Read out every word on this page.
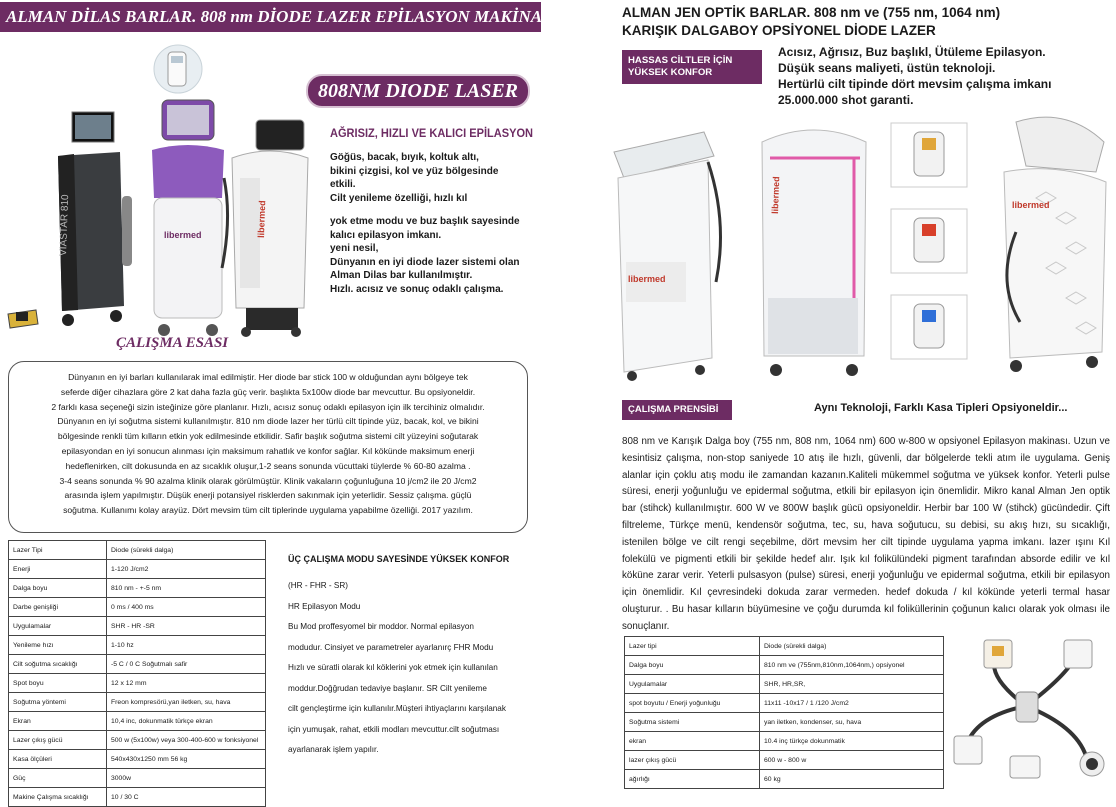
ALMAN DİLAS BARLAR. 808 nm DİODE LAZER EPİLASYON MAKİNASI
VIASTAR 810	libermed	libermed
808NM DIODE LASER
AĞRISIZ, HIZLI VE KALICI EPİLASYON
Göğüs, bacak, bıyık, koltuk altı,
bikini çizgisi, kol ve yüz bölgesinde
etkili.
Cilt yenileme özelliği, hızlı kıl
yok etme modu ve buz başlık sayesinde
kalıcı epilasyon imkanı.
yeni nesil,
Dünyanın en iyi diode lazer sistemi olan
Alman Dilas bar kullanılmıştır.
Hızlı. acısız ve sonuç odaklı çalışma.
ÇALIŞMA ESASI
Dünyanın en iyi barları kullanılarak imal edilmiştir. Her diode bar stick 100 w olduğundan aynı bölgeye tek
seferde diğer cihazlara göre 2 kat daha fazla güç verir. başlıkta 5x100w diode bar mevcuttur. Bu opsiyoneldir.
2 farklı kasa seçeneği sizin isteğinize göre planlanır. Hızlı, acısız sonuç odaklı epilasyon için ilk tercihiniz olmalıdır.
Dünyanın en iyi soğutma sistemi kullanılmıştır. 810 nm diode lazer her türlü cilt tipinde yüz, bacak, kol, ve bikini
bölgesinde renkli tüm kılların etkin yok edilmesinde etkilidir. Safir başlık soğutma sistemi cilt yüzeyini soğutarak
epilasyondan en iyi sonucun alınması için maksimum rahatlık ve konfor sağlar. Kıl kökünde maksimum enerji
hedeflenirken, cilt dokusunda en az sıcaklık oluşur,1-2 seans sonunda vücuttaki tüylerde % 60-80 azalma .
3-4 seans sonunda % 90 azalma klinik olarak görülmüştür. Klinik vakaların çoğunluğuna 10 j/cm2 ile 20 J/cm2
arasında işlem yapılmıştır. Düşük enerji potansiyel risklerden sakınmak için yeterlidir. Sessiz çalışma. güçlü
soğutma. Kullanımı kolay arayüz. Dört mevsim tüm cilt tiplerinde uygulama yapabilme özelliği. 2017 yazılım.
Lazer Tipi	Diode (sürekli dalga)
Enerji	1-120 J/cm2
Dalga boyu	810 nm - +-5 nm
Darbe genişliği	0 ms / 400 ms
Uygulamalar	SHR - HR -SR
Yenileme hızı	1-10 hz
Cilt soğutma sıcaklığı	-5 C / 0 C Soğutmalı safir
Spot boyu	12 x 12 mm
Soğutma yöntemi	Freon kompresörü,yan iletken, su, hava
Ekran	10,4 inc, dokunmatik türkçe ekran
Lazer çıkış gücü	500 w (5x100w) veya 300-400-600 w fonksiyonel
Kasa ölçüleri	540x430x1250 mm 56 kg
Güç	3000w
Makine Çalışma sıcaklığı	10 / 30 C
ÜÇ ÇALIŞMA MODU SAYESİNDE YÜKSEK KONFOR
(HR - FHR - SR)
HR Epilasyon Modu
Bu Mod proffesyomel bir moddor. Normal epilasyon
modudur. Cinsiyet ve parametreler ayarlanırç FHR Modu
Hızlı ve süratli olarak kıl köklerini yok etmek için kullanılan
moddur.Doğğrudan tedaviye başlanır. SR Cilt yenileme
cilt gençleştirme için kullanılır.Müşteri ihtiyaçlarını karşılanak
için yumuşak, rahat, etkili modları mevcuttur.cilt soğutması
ayarlanarak işlem yapılır.
ALMAN JEN OPTİK BARLAR. 808 nm ve (755 nm, 1064 nm)
KARIŞIK DALGABOY OPSİYONEL DİODE LAZER
HASSAS CİLTLER İÇİN
YÜKSEK KONFOR
Acısız, Ağrısız, Buz başlıkl, Ütüleme Epilasyon.
Düşük seans maliyeti, üstün teknoloji.
Hertürlü cilt tipinde dört mevsim çalışma imkanı
25.000.000 shot garanti.
libermed
libermed	libermed
ÇALIŞMA PRENSİBİ	Aynı Teknoloji, Farklı Kasa Tipleri Opsiyoneldir...
808 nm ve Karışık Dalga boy (755 nm, 808 nm, 1064 nm) 600 w-800 w opsiyonel Epilasyon makinası. Uzun ve kesintisiz çalışma, non-stop saniyede 10 atış ile hızlı, güvenli, dar bölgelerde tekli atım ile uygulama. Geniş alanlar için çoklu atış modu ile zamandan kazanın.Kaliteli mükemmel soğutma ve yüksek konfor. Yeterli pulse süresi, enerji yoğunluğu ve epidermal soğutma, etkili bir epilasyon için önemlidir. Mikro kanal Alman Jen optik bar (stihck) kullanılmıştır. 600 W ve 800W başlık gücü opsiyoneldir. Herbir bar 100 W (stihck) gücündedir. Çift filtreleme, Türkçe menü, kendensör soğutma, tec, su, hava soğutucu, su debisi, su akış hızı, su sıcaklığı, istenilen bölge ve cilt rengi seçebilme, dört mevsim her cilt tipinde uygulama yapma imkanı. lazer ışını Kıl folekülü ve pigmenti etkili bir şekilde hedef alır. Işık kıl folikülündeki pigment tarafından absorde edilir ve kıl köküne zarar verir. Yeterli pulsasyon (pulse) süresi, enerji yoğunluğu ve epidermal soğutma, etkili bir epilasyon için önemlidir. Kıl çevresindeki dokuda zarar vermeden. hedef dokuda / kıl kökünde yeterli termal hasar oluşturur. . Bu hasar kılların büyümesine ve çoğu durumda kıl foliküllerinin çoğunun kalıcı olarak yok olması ile sonuçlanır.
Lazer tipi	Diode (sürekli dalga)
Dalga boyu	810 nm ve (755nm,810nm,1064nm,) opsiyonel
Uygulamalar	SHR, HR,SR,
spot boyutu / Enerji yoğunluğu	11x11 -10x17 / 1 /120 J/cm2
Soğutma sistemi	yan iletken, kondenser, su, hava
ekran	10.4 inç türkçe dokunmatik
lazer çıkış gücü	600 w - 800 w
ağırlığı	60 kg
